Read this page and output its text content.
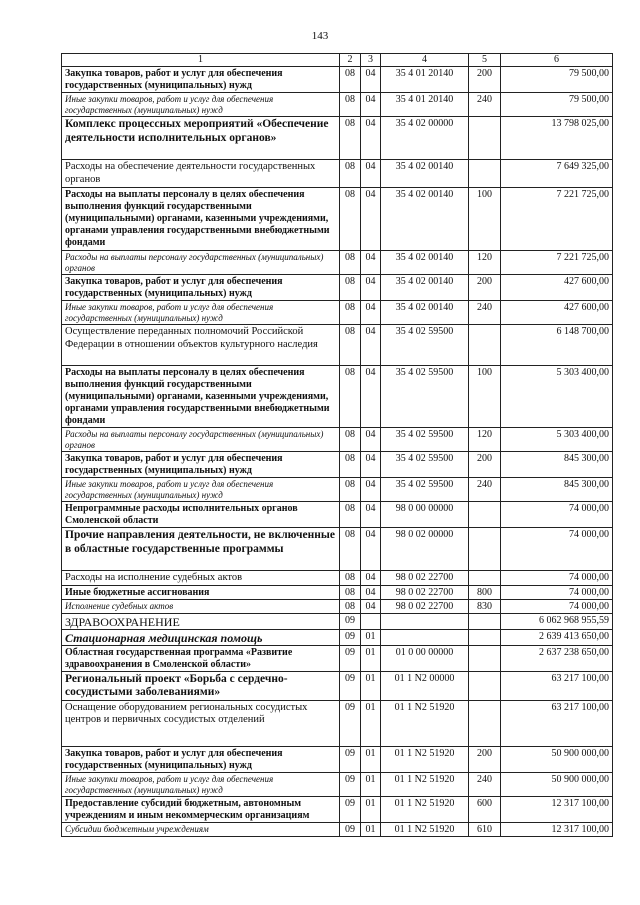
143
1	2	3	4	5	6
Закупка товаров, работ и услуг для обеспечения государственных (муниципальных) нужд	08	04	35 4 01 20140	200	79 500,00
Иные закупки товаров, работ и услуг для обеспечения государственных (муниципальных) нужд	08	04	35 4 01 20140	240	79 500,00
Комплекс процессных мероприятий «Обеспечение деятельности исполнительных органов»	08	04	35 4 02 00000		13 798 025,00
Расходы на обеспечение деятельности государственных органов	08	04	35 4 02 00140		7 649 325,00
Расходы на выплаты персоналу в целях обеспечения выполнения функций государственными (муниципальными) органами, казенными учреждениями, органами управления государственными внебюджетными фондами	08	04	35 4 02 00140	100	7 221 725,00
Расходы на выплаты персоналу государственных (муниципальных) органов	08	04	35 4 02 00140	120	7 221 725,00
Закупка товаров, работ и услуг для обеспечения государственных (муниципальных) нужд	08	04	35 4 02 00140	200	427 600,00
Иные закупки товаров, работ и услуг для обеспечения государственных (муниципальных) нужд	08	04	35 4 02 00140	240	427 600,00
Осуществление переданных полномочий Российской Федерации в отношении объектов культурного наследия	08	04	35 4 02 59500		6 148 700,00
Расходы на выплаты персоналу в целях обеспечения выполнения функций государственными (муниципальными) органами, казенными учреждениями, органами управления государственными внебюджетными фондами	08	04	35 4 02 59500	100	5 303 400,00
Расходы на выплаты персоналу государственных (муниципальных) органов	08	04	35 4 02 59500	120	5 303 400,00
Закупка товаров, работ и услуг для обеспечения государственных (муниципальных) нужд	08	04	35 4 02 59500	200	845 300,00
Иные закупки товаров, работ и услуг для обеспечения государственных (муниципальных) нужд	08	04	35 4 02 59500	240	845 300,00
Непрограммные расходы исполнительных органов Смоленской области	08	04	98 0 00 00000		74 000,00
Прочие направления деятельности, не включенные в областные государственные программы	08	04	98 0 02 00000		74 000,00
Расходы на исполнение судебных актов	08	04	98 0 02 22700		74 000,00
Иные бюджетные ассигнования	08	04	98 0 02 22700	800	74 000,00
Исполнение судебных актов	08	04	98 0 02 22700	830	74 000,00
ЗДРАВООХРАНЕНИЕ	09				6 062 968 955,59
Стационарная медицинская помощь	09	01			2 639 413 650,00
Областная государственная программа «Развитие здравоохранения в Смоленской области»	09	01	01 0 00 00000		2 637 238 650,00
Региональный проект «Борьба с сердечно-сосудистыми заболеваниями»	09	01	01 1 N2 00000		63 217 100,00
Оснащение оборудованием региональных сосудистых центров и первичных сосудистых отделений	09	01	01 1 N2 51920		63 217 100,00
Закупка товаров, работ и услуг для обеспечения государственных (муниципальных) нужд	09	01	01 1 N2 51920	200	50 900 000,00
Иные закупки товаров, работ и услуг для обеспечения государственных (муниципальных) нужд	09	01	01 1 N2 51920	240	50 900 000,00
Предоставление субсидий бюджетным, автономным учреждениям и иным некоммерческим организациям	09	01	01 1 N2 51920	600	12 317 100,00
Субсидии бюджетным учреждениям	09	01	01 1 N2 51920	610	12 317 100,00
